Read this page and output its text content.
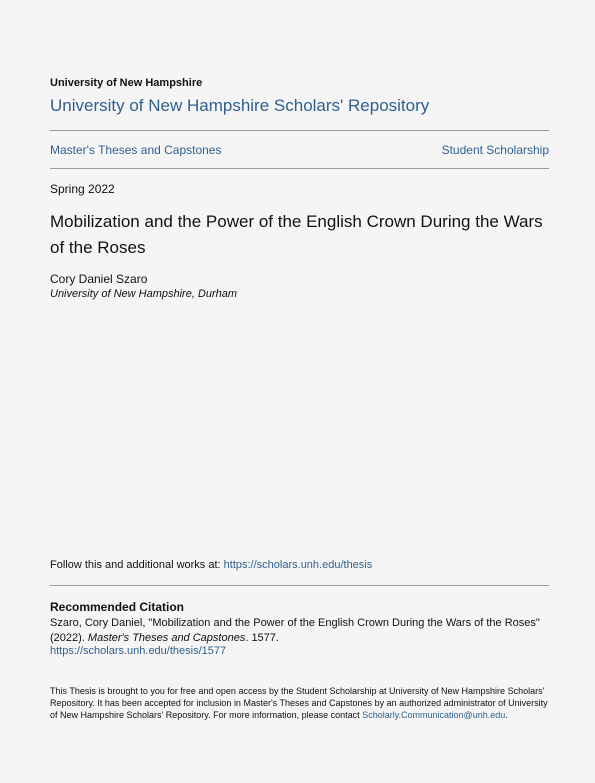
University of New Hampshire
University of New Hampshire Scholars' Repository
Master's Theses and Capstones	Student Scholarship
Spring 2022
Mobilization and the Power of the English Crown During the Wars of the Roses
Cory Daniel Szaro
University of New Hampshire, Durham
Follow this and additional works at: https://scholars.unh.edu/thesis
Recommended Citation
Szaro, Cory Daniel, "Mobilization and the Power of the English Crown During the Wars of the Roses" (2022). Master's Theses and Capstones. 1577.
https://scholars.unh.edu/thesis/1577
This Thesis is brought to you for free and open access by the Student Scholarship at University of New Hampshire Scholars' Repository. It has been accepted for inclusion in Master's Theses and Capstones by an authorized administrator of University of New Hampshire Scholars' Repository. For more information, please contact Scholarly.Communication@unh.edu.
